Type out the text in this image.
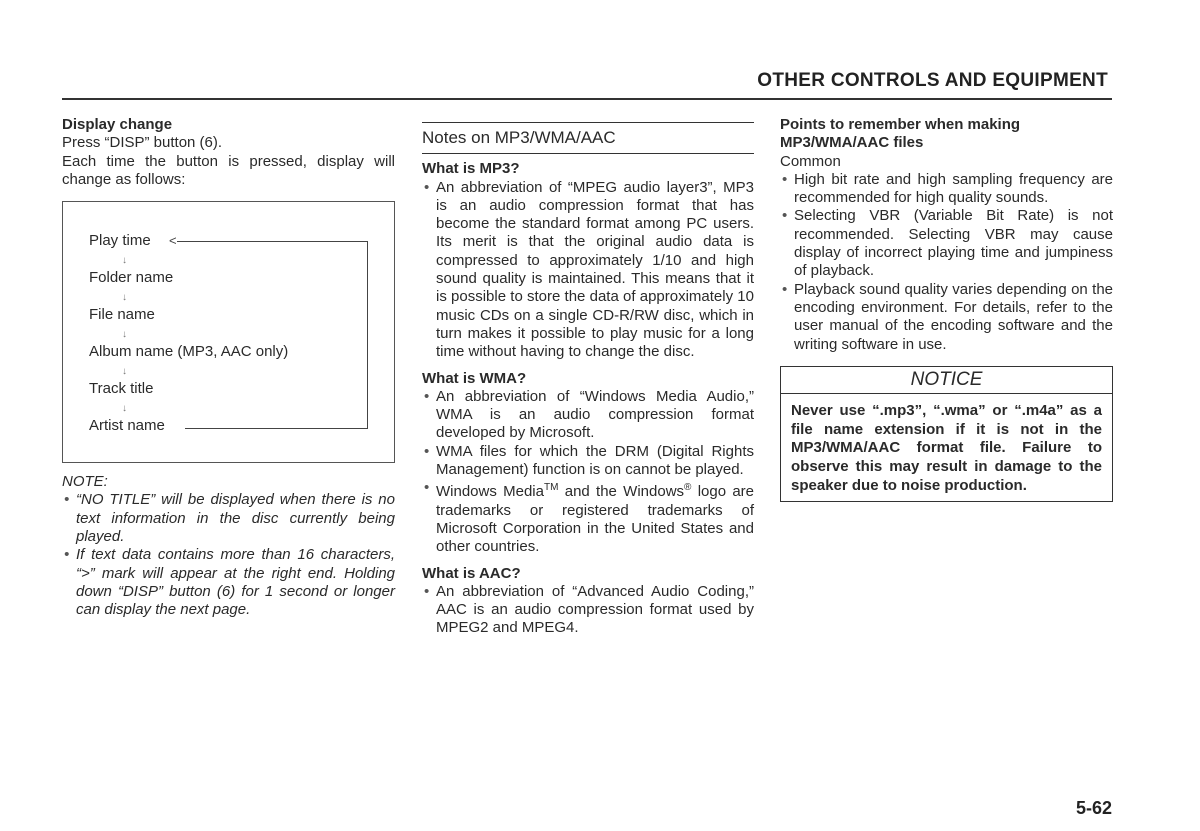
OTHER CONTROLS AND EQUIPMENT
Display change

Press “DISP” button (6).

Each time the button is pressed, display will change as follows:

<
Play time
↓
Folder name
↓
File name
↓
Album name (MP3, AAC only)
↓
Track title
↓
Artist name
NOTE:
• “NO TITLE” will be displayed when there is no text information in the disc currently being played.
• If text data contains more than 16 characters, “>” mark will appear at the right end. Holding down “DISP” button (6) for 1 second or longer can display the next page.
Notes on MP3/WMA/AAC
What is MP3?
• An abbreviation of “MPEG audio layer3”, MP3 is an audio compression format that has become the standard format among PC users. Its merit is that the original audio data is compressed to approximately 1/10 and high sound quality is maintained. This means that it is possible to store the data of approximately 10 music CDs on a single CD-R/RW disc, which in turn makes it possible to play music for a long time without having to change the disc.
What is WMA?
• An abbreviation of “Windows Media Audio,” WMA is an audio compression format developed by Microsoft.
• WMA files for which the DRM (Digital Rights Management) function is on cannot be played.
• Windows Media™ and the Windows® logo are trademarks or registered trademarks of Microsoft Corporation in the United States and other countries.
What is AAC?
• An abbreviation of “Advanced Audio Coding,” AAC is an audio compression format used by MPEG2 and MPEG4.
Points to remember when making MP3/WMA/AAC files
Common
• High bit rate and high sampling frequency are recommended for high quality sounds.
• Selecting VBR (Variable Bit Rate) is not recommended. Selecting VBR may cause display of incorrect playing time and jumpiness of playback.
• Playback sound quality varies depending on the encoding environment. For details, refer to the user manual of the encoding software and the writing software in use.
NOTICE
Never use “.mp3”, “.wma” or “.m4a” as a file name extension if it is not in the MP3/WMA/AAC format file. Failure to observe this may result in damage to the speaker due to noise production.
5-62
